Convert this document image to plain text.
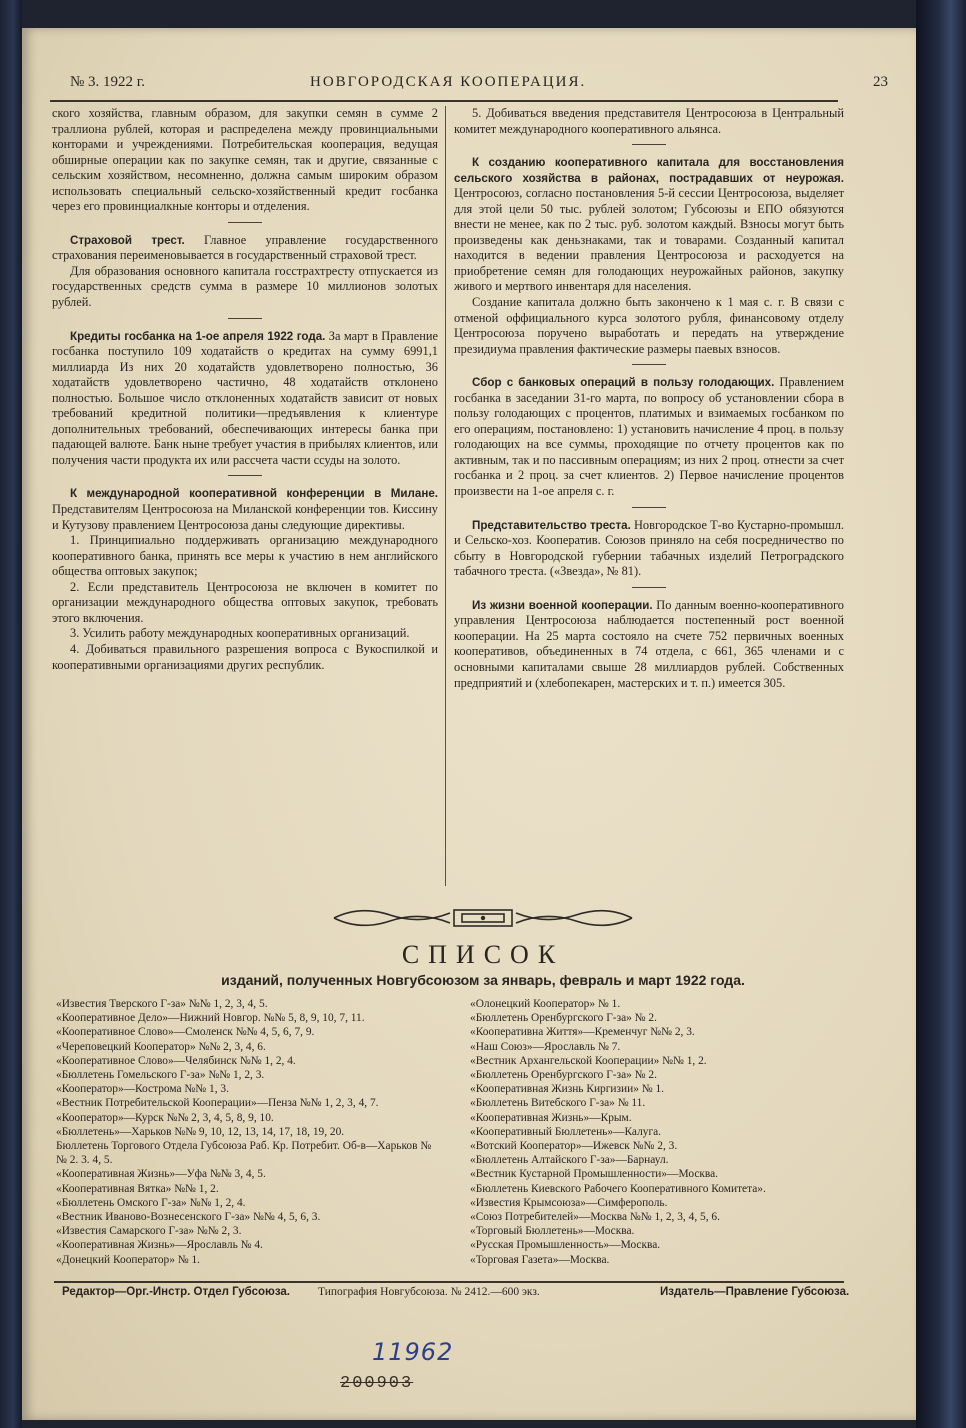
№ 3. 1922 г.	НОВГОРОДСКАЯ КООПЕРАЦИЯ.	23

ского хозяйства, главным образом, для закупки семян в сумме 2 траллиона рублей, которая и распределена между провинциальными конторами и учреждениями. Потребительская кооперация, ведущая обширные операции как по закупке семян, так и другие, связанные с сельским хозяйством, несомненно, должна самым широким образом использовать специальный сельско-хозяйственный кредит госбанка через его провинциалкные конторы и отделения.

Страховой трест. Главное управление государственного страхования переименовывается в государственный страховой трест.

Для образования основного капитала госстрахтресту отпускается из государственных средств сумма в размере 10 миллионов золотых рублей.

Кредиты госбанка на 1-ое апреля 1922 года. За март в Правление госбанка поступило 109 ходатайств о кредитах на сумму 6991,1 миллиарда Из них 20 ходатайств удовлетворено полностью, 36 ходатайств удовлетворено частично, 48 ходатайств отклонено полностью. Большое число отклоненных ходатайств зависит от новых требований кредитной политики—предъявления к клиентуре дополнительных требований, обеспечивающих интересы банка при падающей валюте. Банк ныне требует участия в прибылях клиентов, или получения части продукта их или рассчета части ссуды на золото.

К международной кооперативной конференции в Милане. Представителям Центросоюза на Миланской конференции тов. Киссину и Кутузову правлением Центросоюза даны следующие директивы.

1. Принципиально поддерживать организацию международного кооперативного банка, принять все меры к участию в нем английского общества оптовых закупок;

2. Если представитель Центросоюза не включен в комитет по организации международного общества оптовых закупок, требовать этого включения.

3. Усилить работу международных кооперативных организаций.

4. Добиваться правильного разрешения вопроса с Вукоспилкой и кооперативными организациями других республик.

5. Добиваться введения представителя Центросоюза в Центральный комитет международного кооперативного альянса.

К созданию кооперативного капитала для восстановления сельского хозяйства в районах, пострадавших от неурожая. Центросоюз, согласно постановления 5-й сессии Центросоюза, выделяет для этой цели 50 тыс. рублей золотом; Губсоюзы и ЕПО обязуются внести не менее, как по 2 тыс. руб. золотом каждый. Взносы могут быть произведены как деньзнаками, так и товарами. Созданный капитал находится в ведении правления Центросоюза и расходуется на приобретение семян для голодающих неурожайных районов, закупку живого и мертвого инвентаря для населения.

Создание капитала должно быть закончено к 1 мая с. г. В связи с отменой оффициального курса золотого рубля, финансовому отделу Центросоюза поручено выработать и передать на утверждение президиума правления фактические размеры паевых взносов.

Сбор с банковых операций в пользу голодающих. Правлением госбанка в заседании 31-го марта, по вопросу об установлении сбора в пользу голодающих с процентов, платимых и взимаемых госбанком по его операциям, постановлено: 1) установить начисление 4 проц. в пользу голодающих на все суммы, проходящие по отчету процентов как по активным, так и по пассивным операциям; из них 2 проц. отнести за счет госбанка и 2 проц. за счет клиентов. 2) Первое начисление процентов произвести на 1-ое апреля с. г.

Представительство треста. Новгородское Т-во Кустарно-промышл. и Сельско-хоз. Кооператив. Союзов приняло на себя посредничество по сбыту в Новгородской губернии табачных изделий Петроградского табачного треста. («Звезда», № 81).

Из жизни военной кооперации. По данным военно-кооперативного управления Центросоюза наблюдается постепенный рост военной кооперации. На 25 марта состояло на счете 752 первичных военных кооперативов, объединенных в 74 отдела, с 661, 365 членами и с основными капиталами свыше 28 миллиардов рублей. Собственных предприятий и (хлебопекарен, мастерских и т. п.) имеется 305.

СПИСОК
изданий, полученных Новгубсоюзом за январь, февраль и март 1922 года.
«Известия Тверского Г-за» №№ 1, 2, 3, 4, 5.
«Кооперативное Дело»—Нижний Новгор. №№ 5, 8, 9, 10, 7, 11.
«Кооперативное Слово»—Смоленск №№ 4, 5, 6, 7, 9.
«Череповецкий Кооператор» №№ 2, 3, 4, 6.
«Кооперативное Слово»—Челябинск №№ 1, 2, 4.
«Бюллетень Гомельского Г-за» №№ 1, 2, 3.
«Кооператор»—Кострома №№ 1, 3.
«Вестник Потребительской Кооперации»—Пенза №№ 1, 2, 3, 4, 7.
«Кооператор»—Курск №№ 2, 3, 4, 5, 8, 9, 10.
«Бюллетень»—Харьков №№ 9, 10, 12, 13, 14, 17, 18, 19, 20.
Бюллетень Торгового Отдела Губсоюза Раб. Кр. Потребит. Об-в—Харьков №№ 2. 3. 4, 5.
«Кооперативная Жизнь»—Уфа №№ 3, 4, 5.
«Кооперативная Вятка» №№ 1, 2.
«Бюллетень Омского Г-за» №№ 1, 2, 4.
«Вестник Иваново-Вознесенского Г-за» №№ 4, 5, 6, 3.
«Известия Самарского Г-за» №№ 2, 3.
«Кооперативная Жизнь»—Ярославль № 4.
«Донецкий Кооператор» № 1.
«Олонецкий Кооператор» № 1.
«Бюллетень Оренбургского Г-за» № 2.
«Кооперативна Життя»—Кременчуг №№ 2, 3.
«Наш Союз»—Ярославль № 7.
«Вестник Архангельской Кооперации» №№ 1, 2.
«Бюллетень Оренбургского Г-за» № 2.
«Кооперативная Жизнь Киргизии» № 1.
«Бюллетень Витебского Г-за» № 11.
«Кооперативная Жизнь»—Крым.
«Кооперативный Бюллетень»—Калуга.
«Вотский Кооператор»—Ижевск №№ 2, 3.
«Бюллетень Алтайского Г-за»—Барнаул.
«Вестник Кустарной Промышленности»—Москва.
«Бюллетень Киевского Рабочего Кооперативного Комитета».
«Известия Крымсоюза»—Симферополь.
«Союз Потребителей»—Москва №№ 1, 2, 3, 4, 5, 6.
«Торговый Бюллетень»—Москва.
«Русская Промышленность»—Москва.
«Торговая Газета»—Москва.
Редактор—Орг.-Инстр. Отдел Губсоюза. Типография Новгубсоюза. № 2412.—600 экз.	Издатель—Правление Губсоюза.
11962
200903
